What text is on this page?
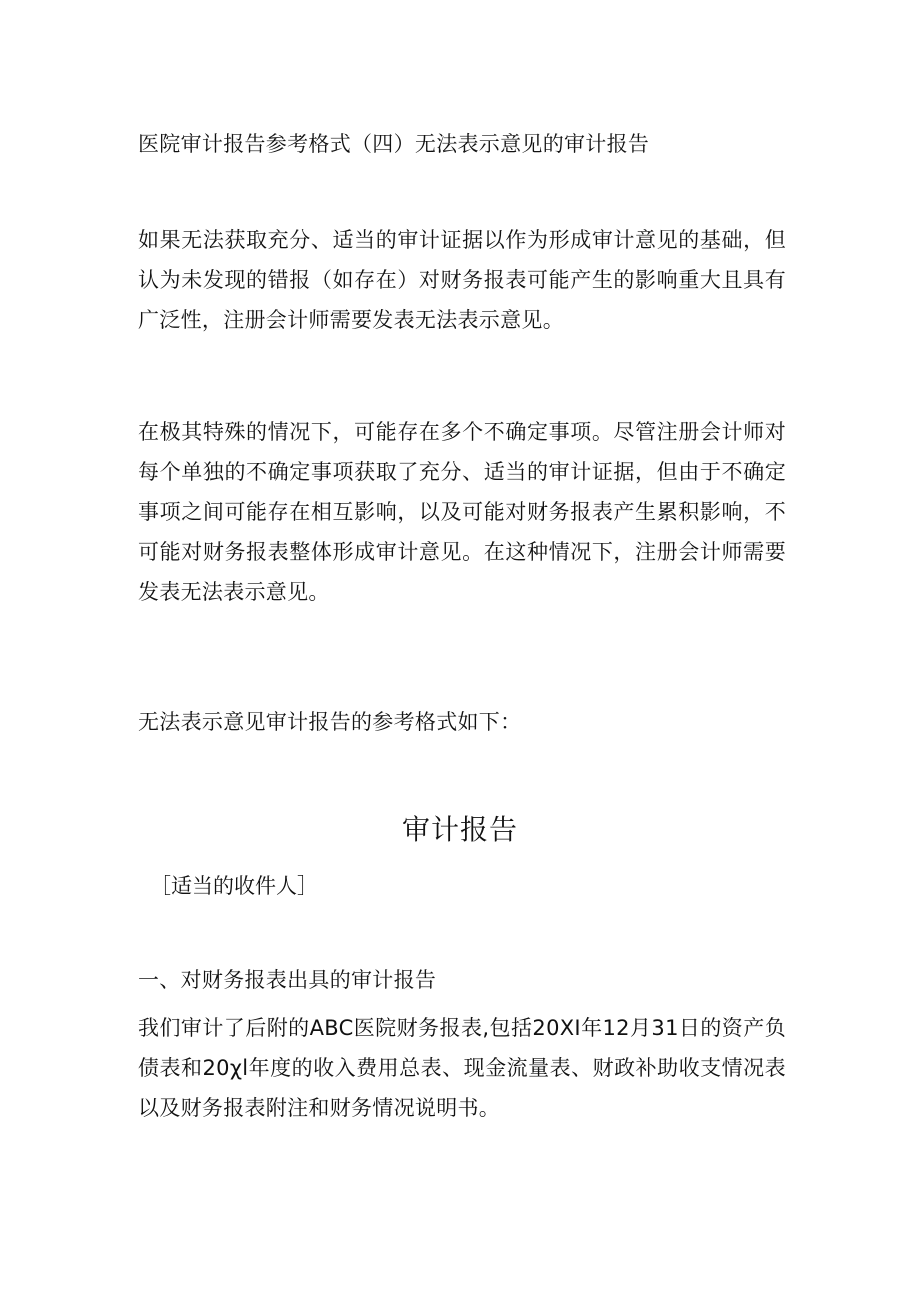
医院审计报告参考格式（四）无法表示意见的审计报告

如果无法获取充分、适当的审计证据以作为形成审计意见的基础，但认为未发现的错报（如存在）对财务报表可能产生的影响重大且具有广泛性，注册会计师需要发表无法表示意见。

在极其特殊的情况下，可能存在多个不确定事项。尽管注册会计师对每个单独的不确定事项获取了充分、适当的审计证据，但由于不确定事项之间可能存在相互影响，以及可能对财务报表产生累积影响，不可能对财务报表整体形成审计意见。在这种情况下，注册会计师需要发表无法表示意见。

无法表示意见审计报告的参考格式如下：

审计报告

［适当的收件人］

一、对财务报表出具的审计报告

我们审计了后附的ABC医院财务报表,包括20XI年12月31日的资产负债表和20χl年度的收入费用总表、现金流量表、财政补助收支情况表以及财务报表附注和财务情况说明书。
